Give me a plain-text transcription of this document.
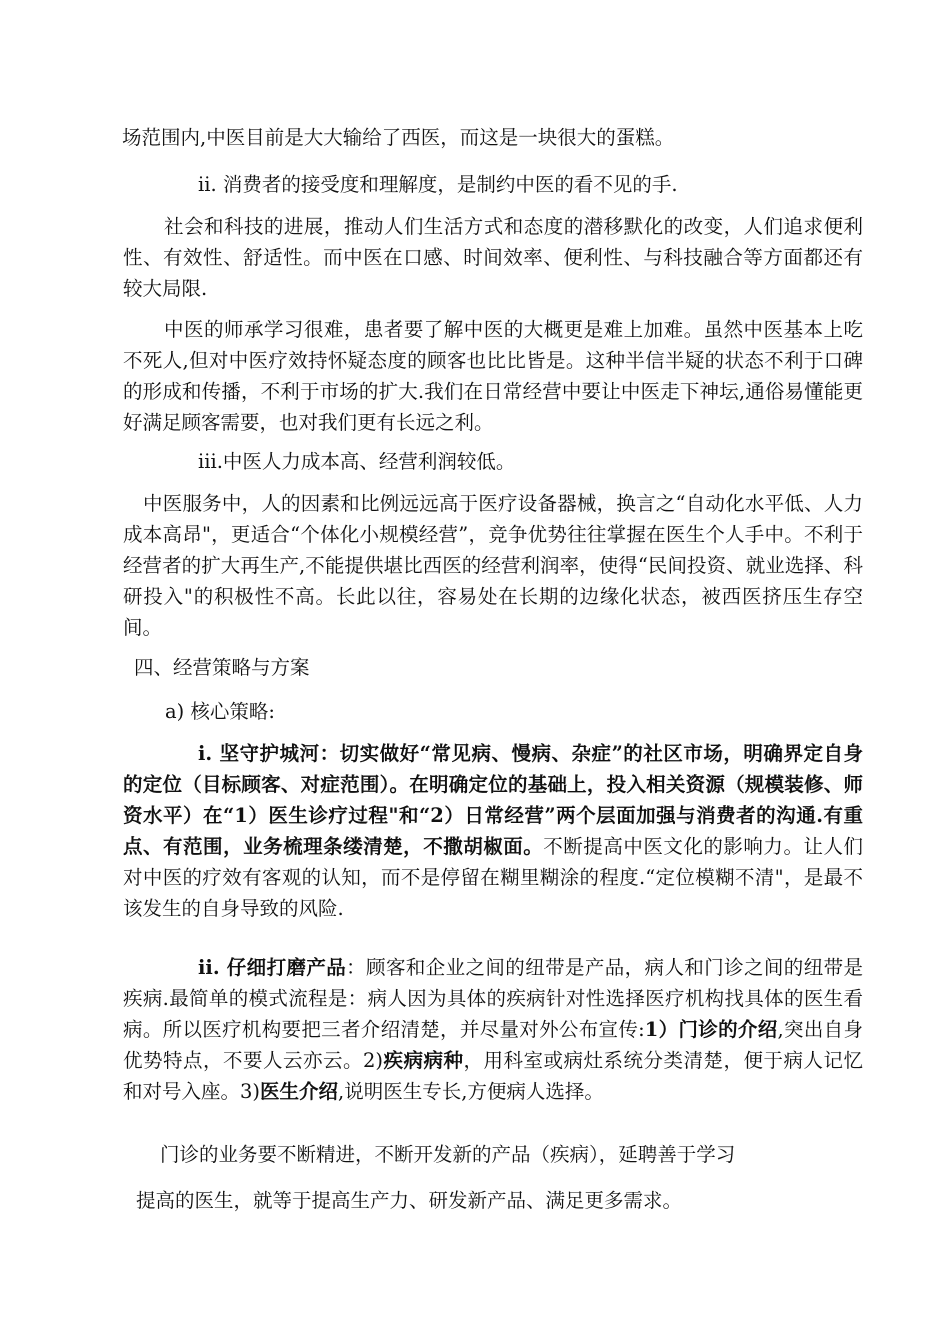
场范围内,中医目前是大大输给了西医，而这是一块很大的蛋糕。

ii. 消费者的接受度和理解度，是制约中医的看不见的手.

社会和科技的进展，推动人们生活方式和态度的潜移默化的改变，人们追求便利性、有效性、舒适性。而中医在口感、时间效率、便利性、与科技融合等方面都还有较大局限.

中医的师承学习很难，患者要了解中医的大概更是难上加难。虽然中医基本上吃不死人,但对中医疗效持怀疑态度的顾客也比比皆是。这种半信半疑的状态不利于口碑的形成和传播，不利于市场的扩大.我们在日常经营中要让中医走下神坛,通俗易懂能更好满足顾客需要，也对我们更有长远之利。

iii.中医人力成本高、经营利润较低。

中医服务中，人的因素和比例远远高于医疗设备器械，换言之“自动化水平低、人力成本高昂"，更适合“个体化小规模经营”，竞争优势往往掌握在医生个人手中。不利于经营者的扩大再生产,不能提供堪比西医的经营利润率，使得“民间投资、就业选择、科研投入"的积极性不高。长此以往，容易处在长期的边缘化状态，被西医挤压生存空间。

四、经营策略与方案

a) 核心策略:

i. 坚守护城河：切实做好“常见病、慢病、杂症”的社区市场，明确界定自身的定位（目标顾客、对症范围）。在明确定位的基础上，投入相关资源（规模装修、师资水平）在“1）医生诊疗过程"和“2）日常经营”两个层面加强与消费者的沟通.有重点、有范围，业务梳理条缕清楚，不撒胡椒面。不断提高中医文化的影响力。让人们对中医的疗效有客观的认知，而不是停留在糊里糊涂的程度.“定位模糊不清"，是最不该发生的自身导致的风险.

ii. 仔细打磨产品：顾客和企业之间的纽带是产品，病人和门诊之间的纽带是疾病.最简单的模式流程是：病人因为具体的疾病针对性选择医疗机构找具体的医生看病。所以医疗机构要把三者介绍清楚，并尽量对外公布宣传:1）门诊的介绍,突出自身优势特点，不要人云亦云。2)疾病病种，用科室或病灶系统分类清楚，便于病人记忆和对号入座。3)医生介绍,说明医生专长,方便病人选择。

门诊的业务要不断精进，不断开发新的产品（疾病），延聘善于学习

提高的医生，就等于提高生产力、研发新产品、满足更多需求。
